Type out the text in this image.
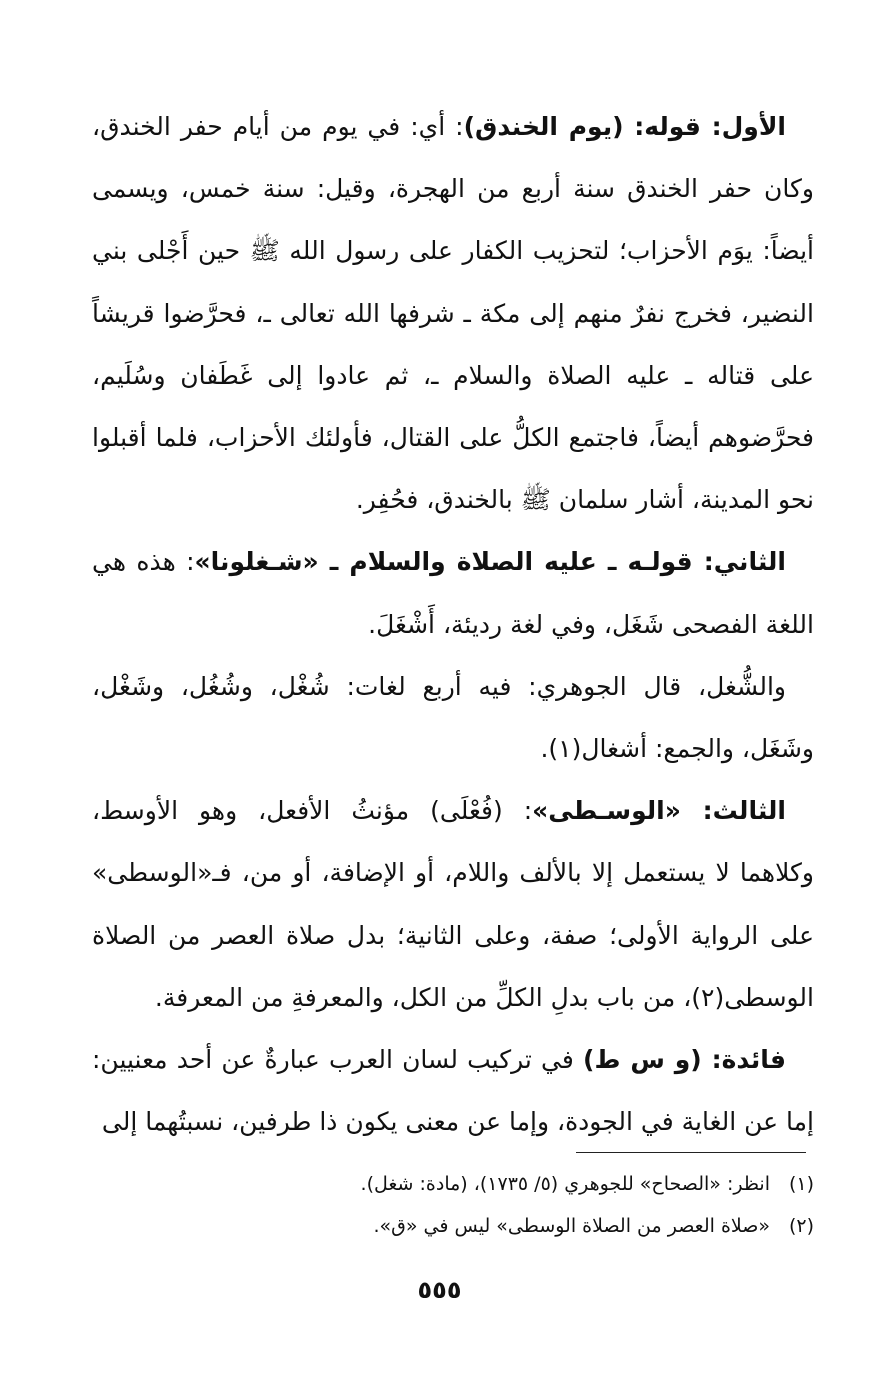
الأول: قوله: (يوم الخندق): أي: في يوم من أيام حفر الخندق، وكان حفر الخندق سنة أربع من الهجرة، وقيل: سنة خمس، ويسمى أيضاً: يوَم الأحزاب؛ لتحزيب الكفار على رسول الله ﷺ حين أَجْلى بني النضير، فخرج نفرٌ منهم إلى مكة ـ شرفها الله تعالى ـ، فحرَّضوا قريشاً على قتاله ـ عليه الصلاة والسلام ـ، ثم عادوا إلى غَطَفان وسُلَيم، فحرَّضوهم أيضاً، فاجتمع الكلُّ على القتال، فأولئك الأحزاب، فلما أقبلوا نحو المدينة، أشار سلمان ﷺ بالخندق، فحُفِر.

الثاني: قولـه ـ عليه الصلاة والسلام ـ «شـغلونا»: هذه هي اللغة الفصحى شَغَل، وفي لغة رديئة، أَشْغَلَ.

والشُّغل، قال الجوهري: فيه أربع لغات: شُغْل، وشُغُل، وشَغْل، وشَغَل، والجمع: أشغال(١).

الثالث: «الوسـطى»: (فُعْلَى) مؤنثُ الأفعل، وهو الأوسط، وكلاهما لا يستعمل إلا بالألف واللام، أو الإضافة، أو من، فـ«الوسطى» على الرواية الأولى؛ صفة، وعلى الثانية؛ بدل صلاة العصر من الصلاة الوسطى(٢)، من باب بدلِ الكلِّ من الكل، والمعرفةِ من المعرفة.

فائدة: (و س ط) في تركيب لسان العرب عبارةٌ عن أحد معنيين: إما عن الغاية في الجودة، وإما عن معنى يكون ذا طرفين، نسبتُهما إلى

(١)
انظر: «الصحاح» للجوهري (٥/ ١٧٣٥)، (مادة: شغل).
(٢)
«صلاة العصر من الصلاة الوسطى» ليس في «ق».
٥٥٥
